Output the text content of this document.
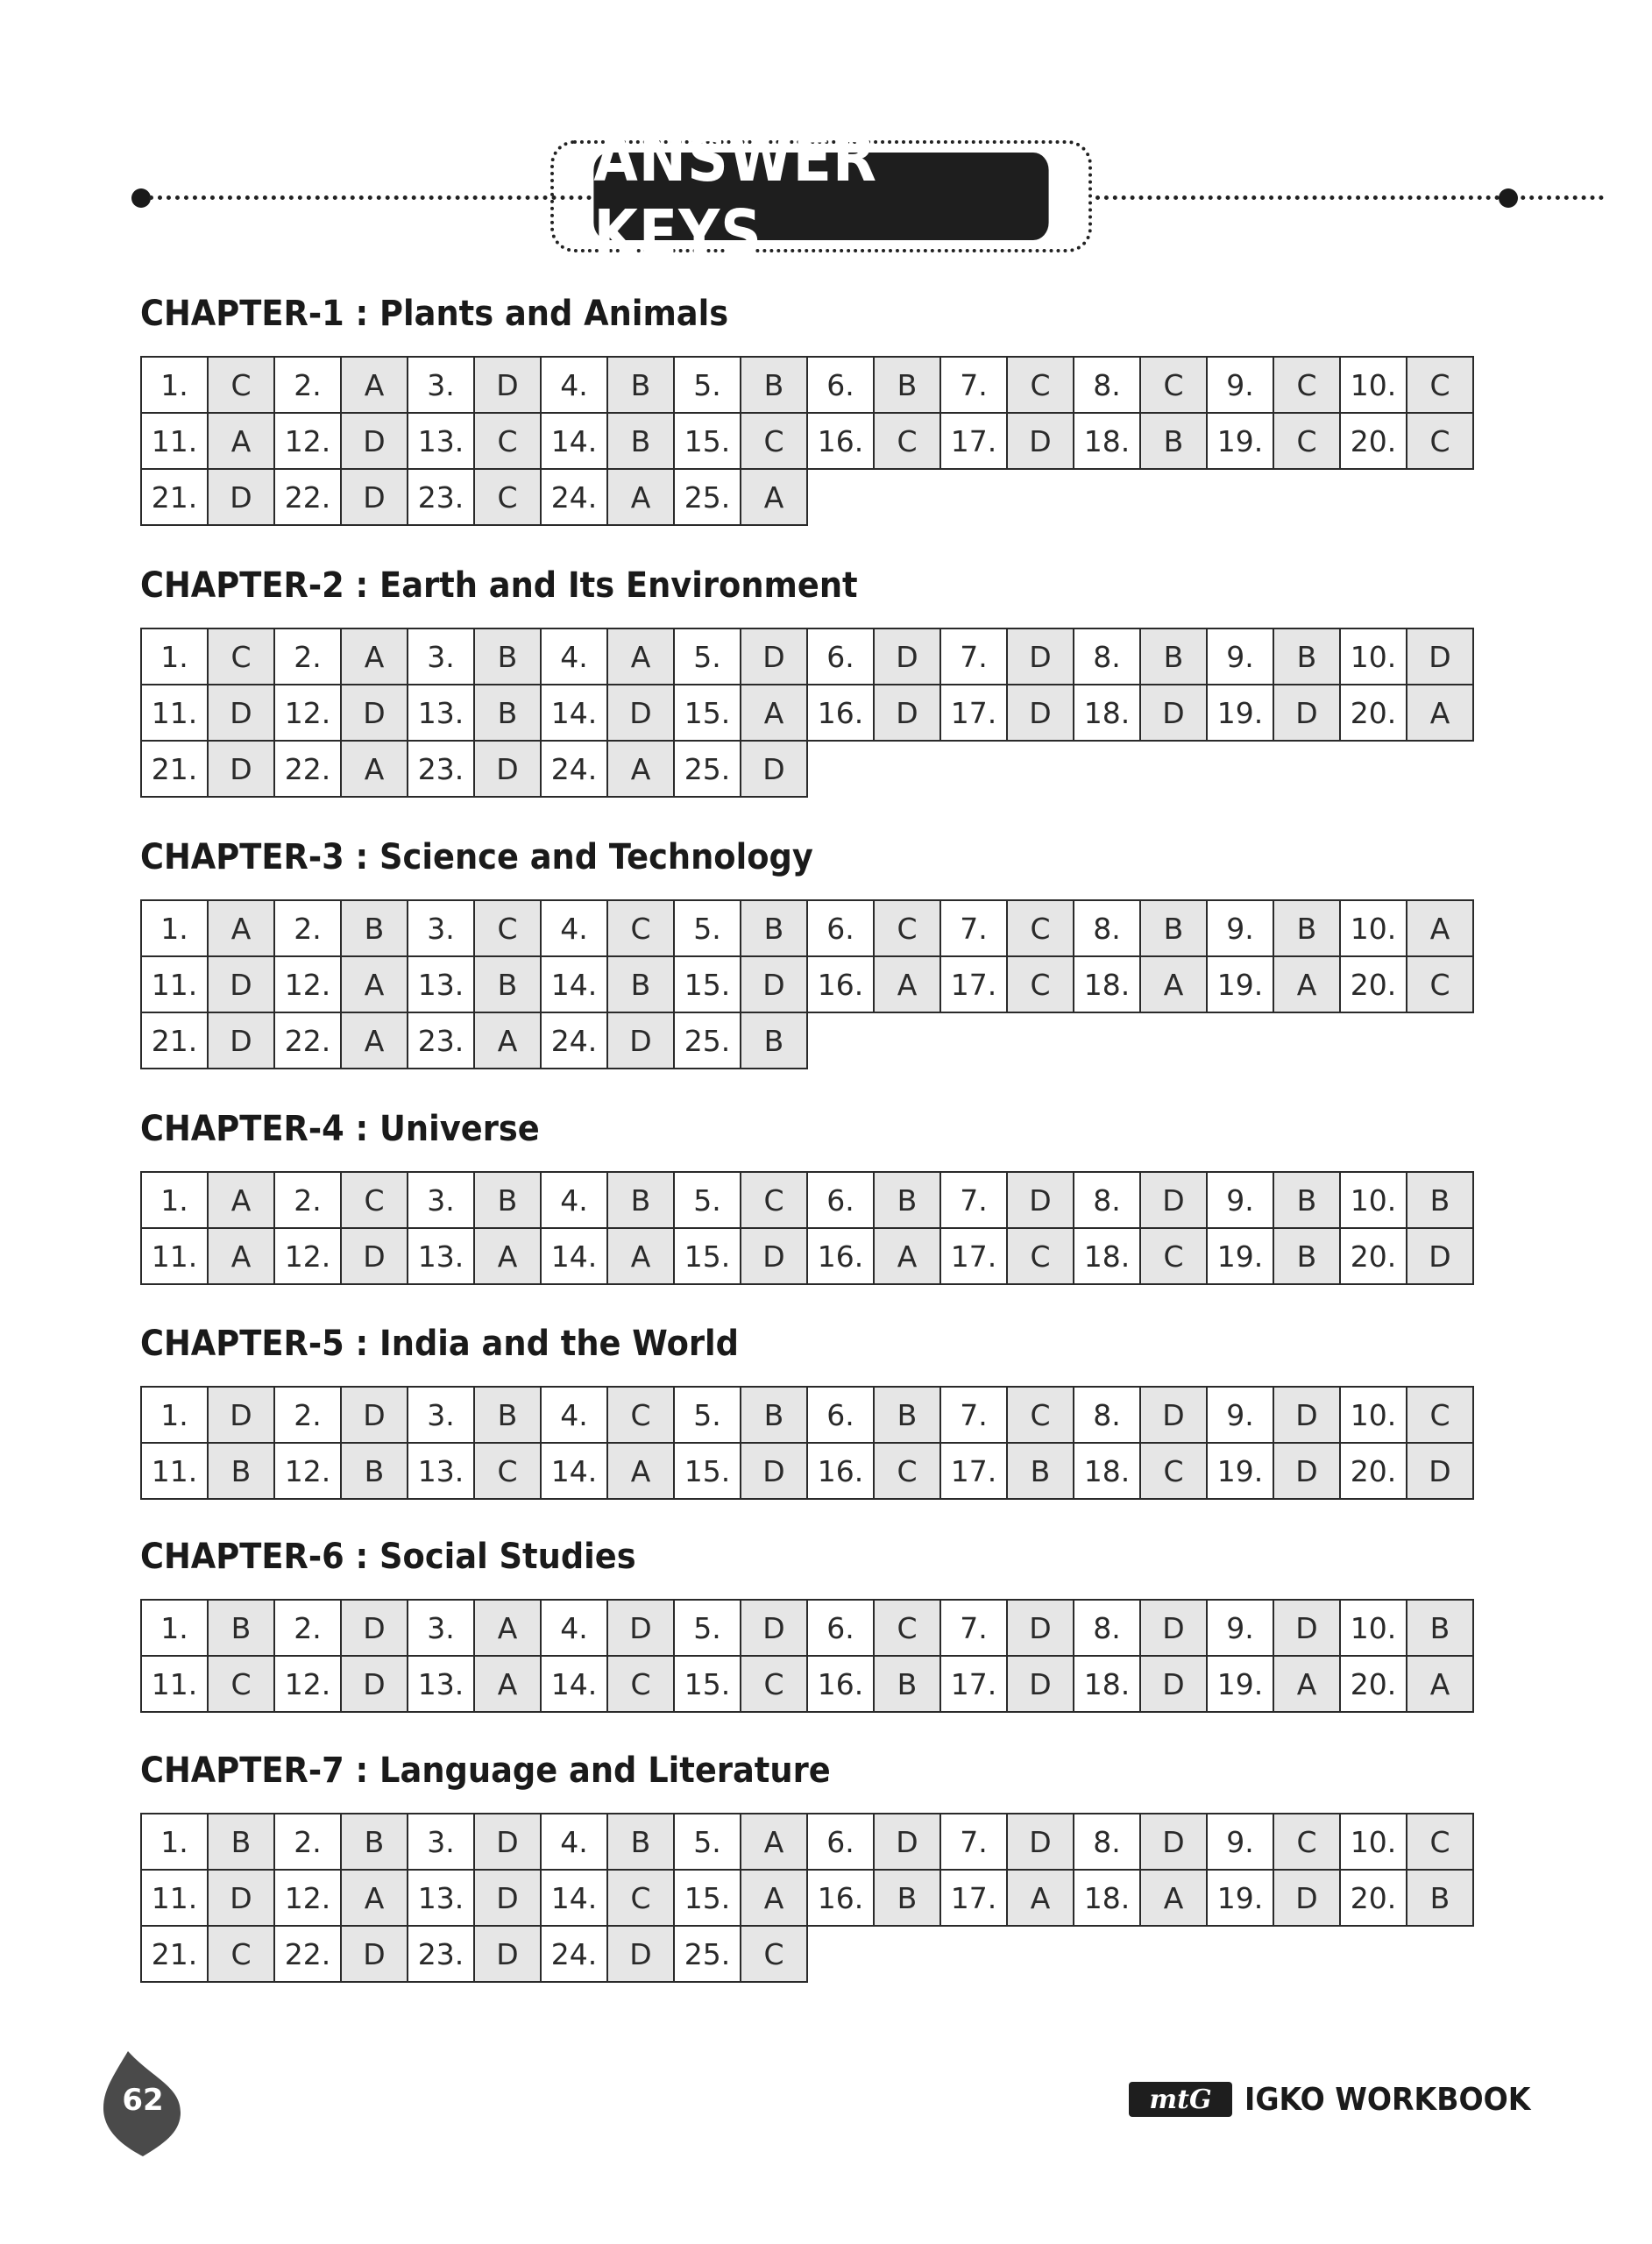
ANSWER KEYS
CHAPTER-1 : Plants and Animals
1.	C	2.	A	3.	D	4.	B	5.	B	6.	B	7.	C	8.	C	9.	C	10.	C
11.	A	12.	D	13.	C	14.	B	15.	C	16.	C	17.	D	18.	B	19.	C	20.	C
21.	D	22.	D	23.	C	24.	A	25.	A										
CHAPTER-2 : Earth and Its Environment
1.	C	2.	A	3.	B	4.	A	5.	D	6.	D	7.	D	8.	B	9.	B	10.	D
11.	D	12.	D	13.	B	14.	D	15.	A	16.	D	17.	D	18.	D	19.	D	20.	A
21.	D	22.	A	23.	D	24.	A	25.	D										
CHAPTER-3 : Science and Technology
1.	A	2.	B	3.	C	4.	C	5.	B	6.	C	7.	C	8.	B	9.	B	10.	A
11.	D	12.	A	13.	B	14.	B	15.	D	16.	A	17.	C	18.	A	19.	A	20.	C
21.	D	22.	A	23.	A	24.	D	25.	B										
CHAPTER-4 : Universe
1.	A	2.	C	3.	B	4.	B	5.	C	6.	B	7.	D	8.	D	9.	B	10.	B
11.	A	12.	D	13.	A	14.	A	15.	D	16.	A	17.	C	18.	C	19.	B	20.	D
CHAPTER-5 : India and the World
1.	D	2.	D	3.	B	4.	C	5.	B	6.	B	7.	C	8.	D	9.	D	10.	C
11.	B	12.	B	13.	C	14.	A	15.	D	16.	C	17.	B	18.	C	19.	D	20.	D
CHAPTER-6 : Social Studies
1.	B	2.	D	3.	A	4.	D	5.	D	6.	C	7.	D	8.	D	9.	D	10.	B
11.	C	12.	D	13.	A	14.	C	15.	C	16.	B	17.	D	18.	D	19.	A	20.	A
CHAPTER-7 : Language and Literature
1.	B	2.	B	3.	D	4.	B	5.	A	6.	D	7.	D	8.	D	9.	C	10.	C
11.	D	12.	A	13.	D	14.	C	15.	A	16.	B	17.	A	18.	A	19.	D	20.	B
21.	C	22.	D	23.	D	24.	D	25.	C										
62	mtG	IGKO WORKBOOK
